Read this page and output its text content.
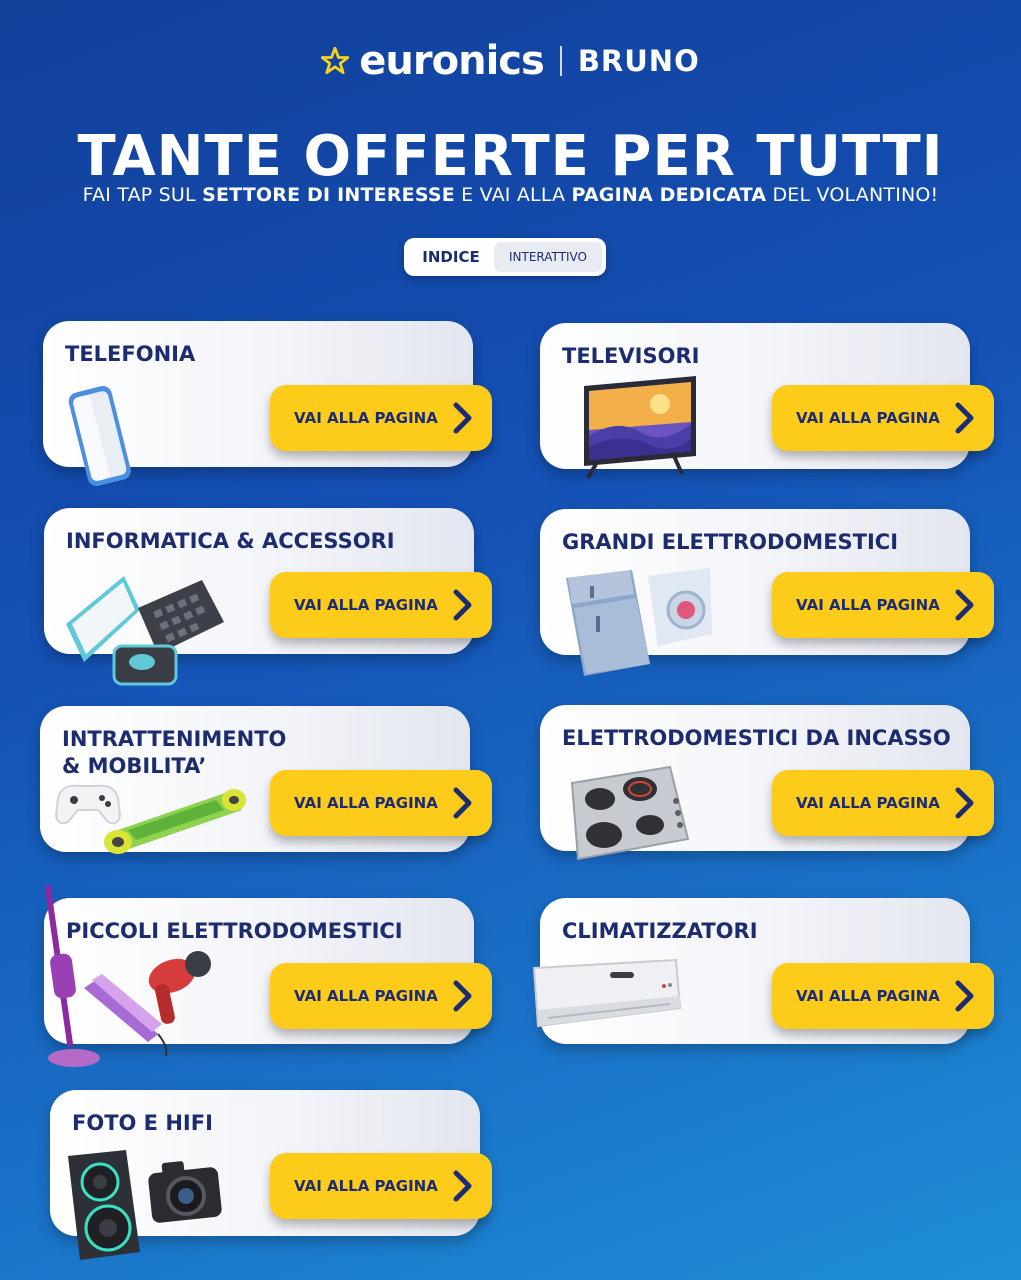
euronics BRUNO
TANTE OFFERTE PER TUTTI
FAI TAP SUL SETTORE DI INTERESSE E VAI ALLA PAGINA DEDICATA DEL VOLANTINO!
INDICE	INTERATTIVO
TELEFONIA
VAI ALLA PAGINA
TELEVISORI
VAI ALLA PAGINA
INFORMATICA & ACCESSORI
VAI ALLA PAGINA
GRANDI ELETTRODOMESTICI
VAI ALLA PAGINA
INTRATTENIMENTO
& MOBILITA’
VAI ALLA PAGINA
ELETTRODOMESTICI DA INCASSO
VAI ALLA PAGINA
PICCOLI ELETTRODOMESTICI
VAI ALLA PAGINA
CLIMATIZZATORI
VAI ALLA PAGINA
FOTO E HIFI
VAI ALLA PAGINA
